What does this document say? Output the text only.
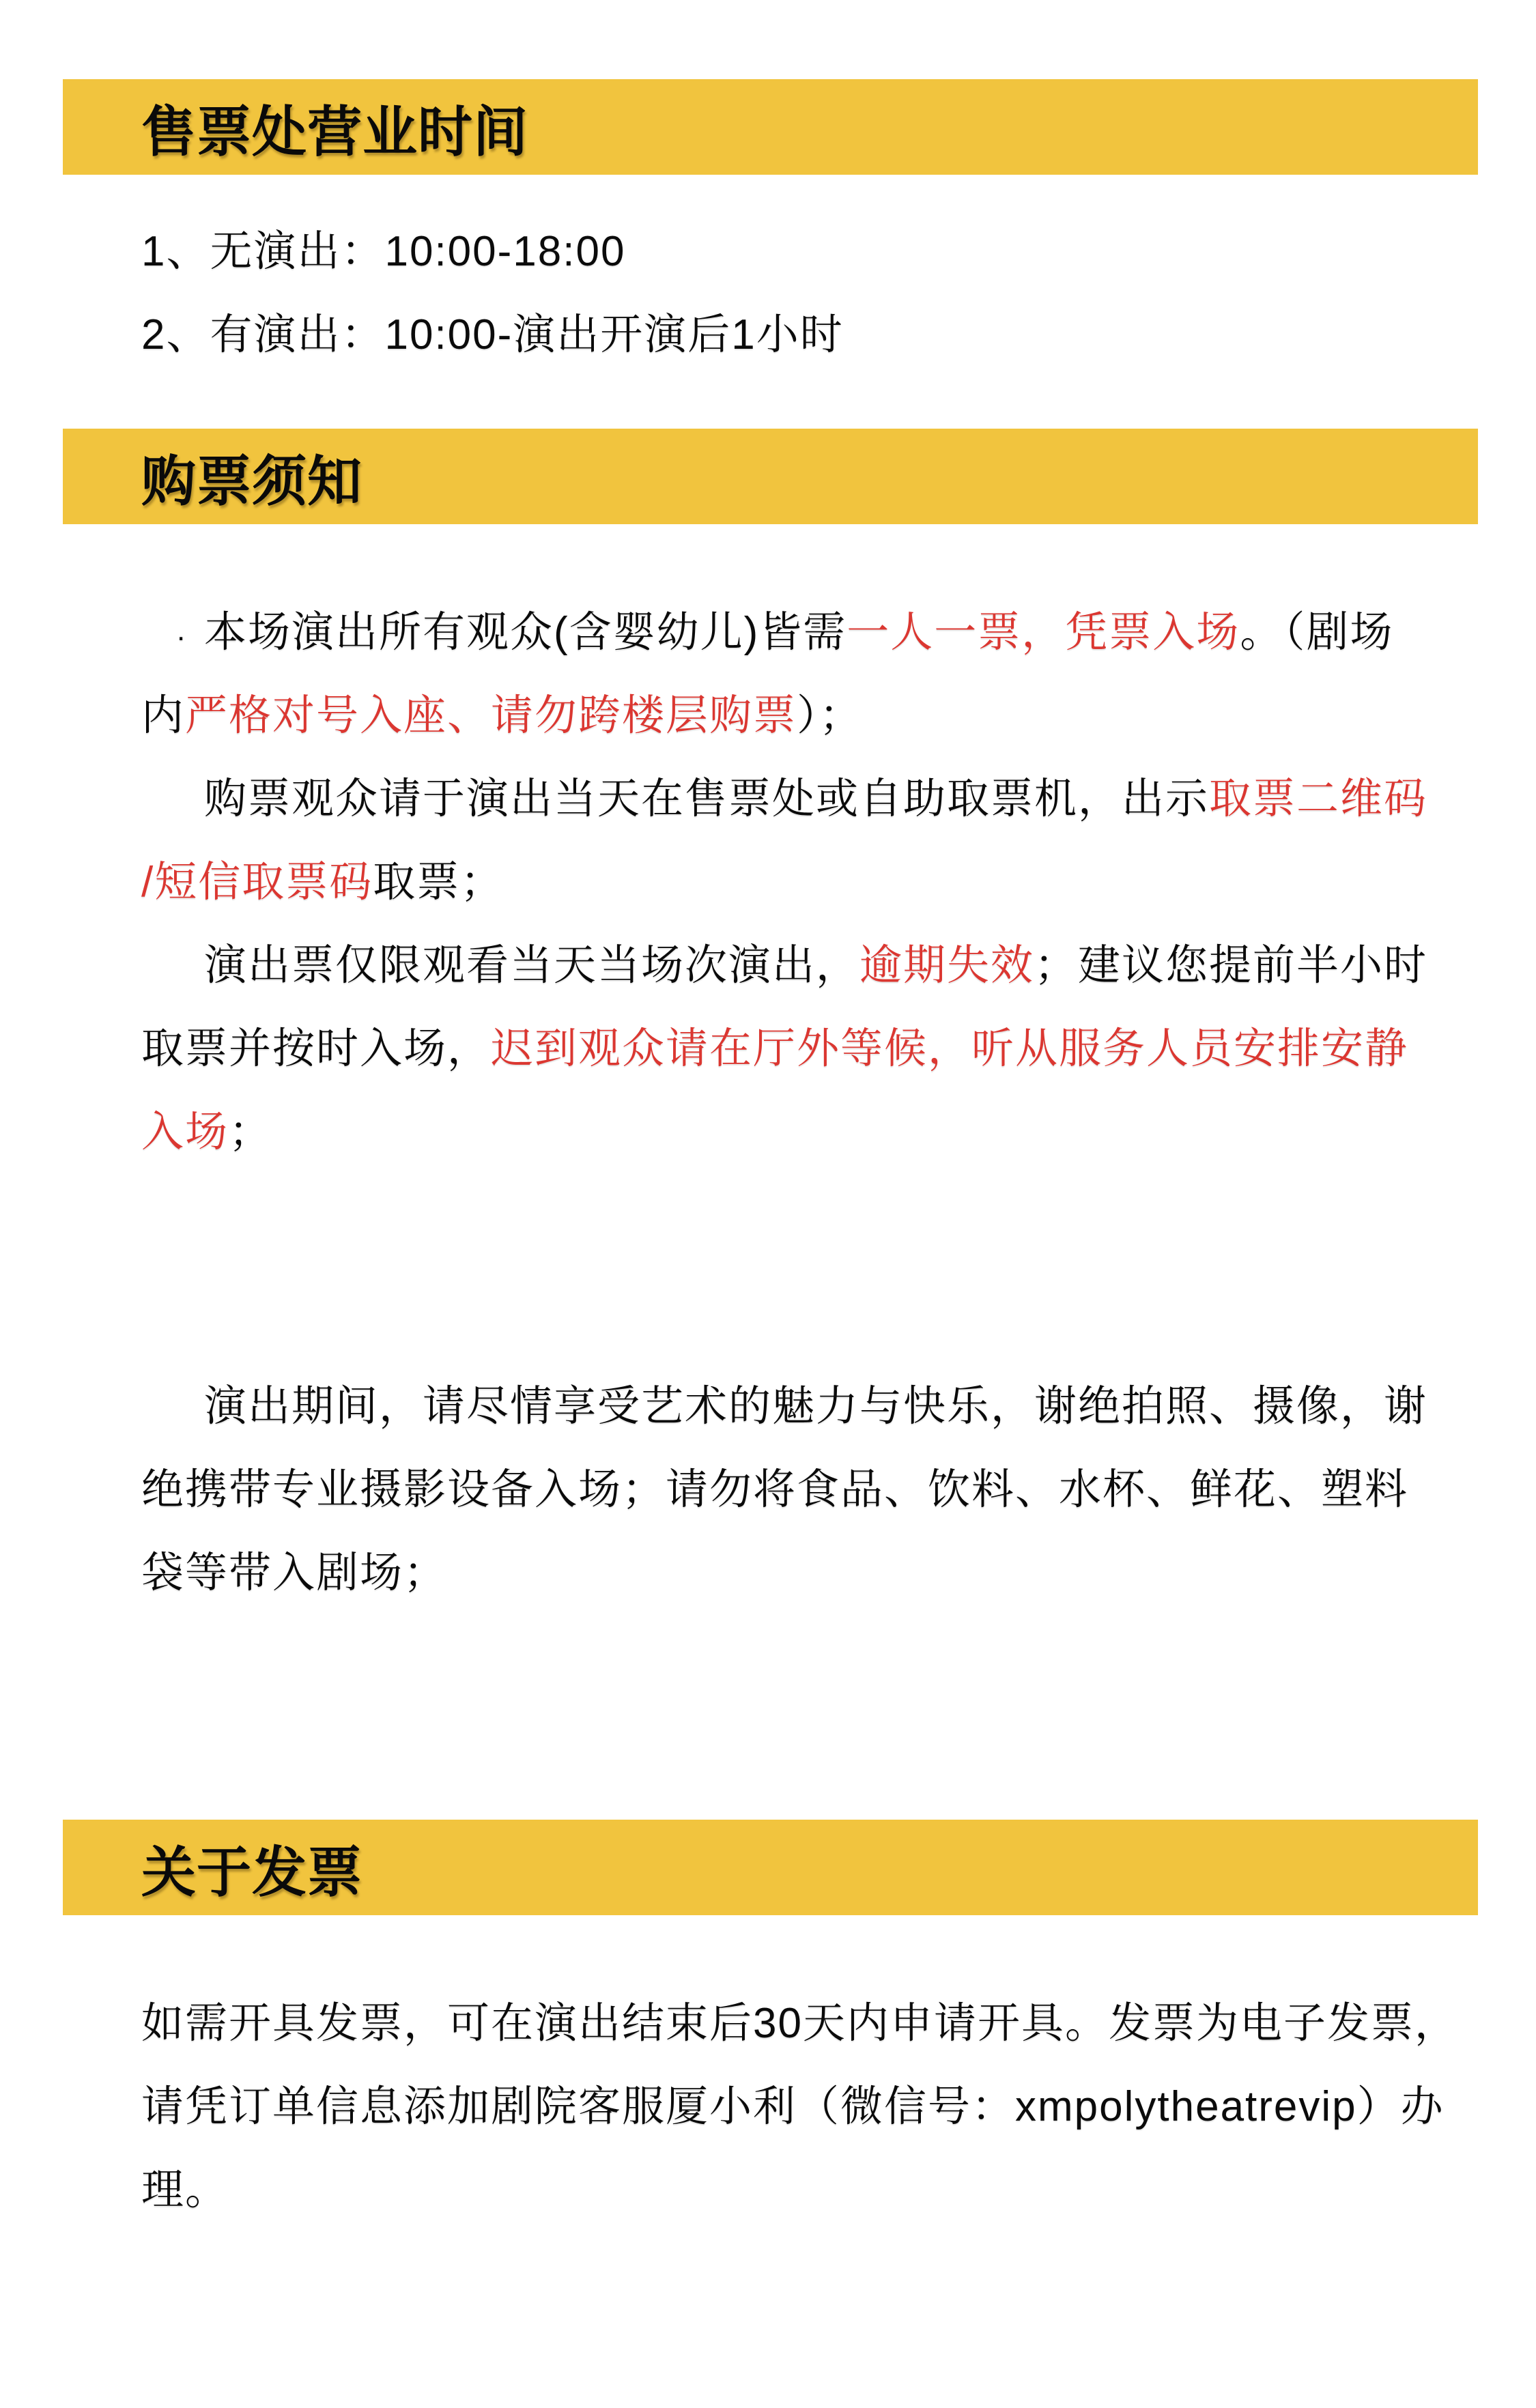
售票处营业时间
1、无演出：10:00-18:00
2、有演出：10:00-演出开演后1小时
购票须知
. 本场演出所有观众(含婴幼儿)皆需一人一票，凭票入场。（剧场
内严格对号入座、请勿跨楼层购票）；
购票观众请于演出当天在售票处或自助取票机，出示取票二维码
/短信取票码取票；
演出票仅限观看当天当场次演出，逾期失效；建议您提前半小时
取票并按时入场，迟到观众请在厅外等候，听从服务人员安排安静
入场；
演出期间，请尽情享受艺术的魅力与快乐，谢绝拍照、摄像，谢
绝携带专业摄影设备入场；请勿将食品、饮料、水杯、鲜花、塑料
袋等带入剧场；
关于发票
如需开具发票，可在演出结束后30天内申请开具。发票为电子发票，
请凭订单信息添加剧院客服厦小利（微信号：xmpolytheatrevip）办
理。
